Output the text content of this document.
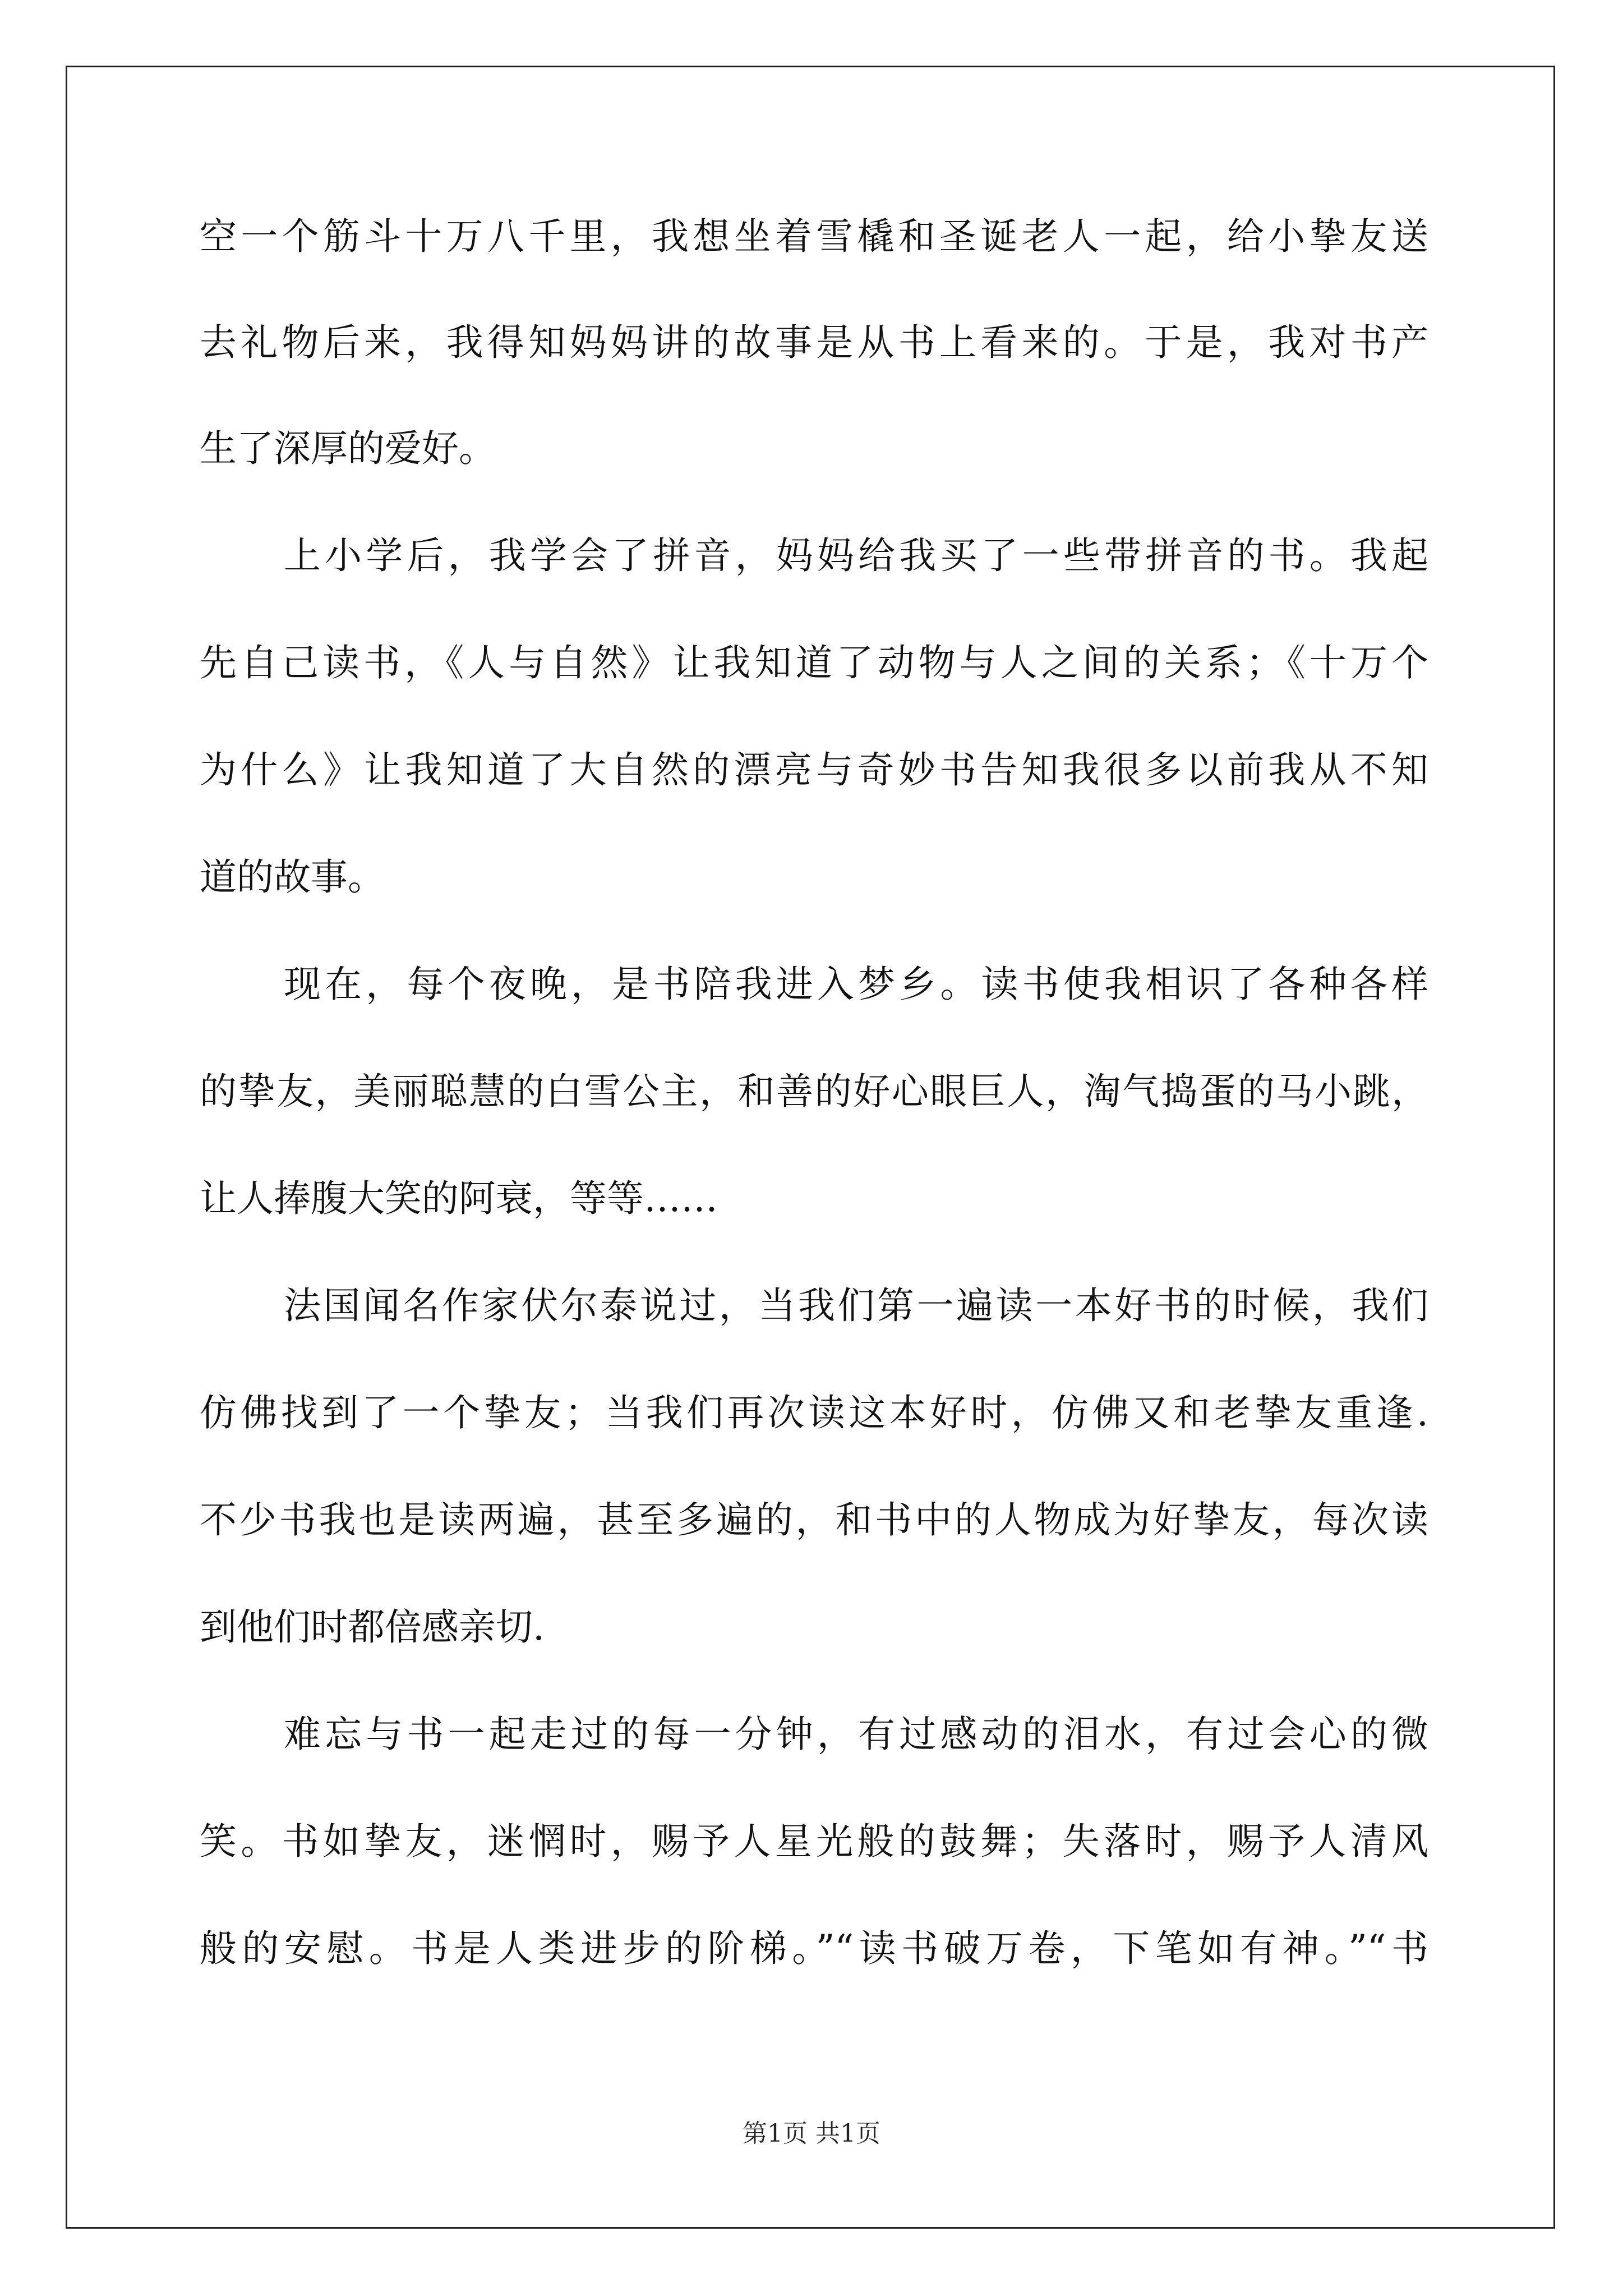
空一个筋斗十万八千里，我想坐着雪橇和圣诞老人一起，给小挚友送
去礼物后来，我得知妈妈讲的故事是从书上看来的。于是，我对书产
生了深厚的爱好。
上小学后，我学会了拼音，妈妈给我买了一些带拼音的书。我起
先自己读书，《人与自然》让我知道了动物与人之间的关系；《十万个
为什么》让我知道了大自然的漂亮与奇妙书告知我很多以前我从不知
道的故事。
现在，每个夜晚，是书陪我进入梦乡。读书使我相识了各种各样
的挚友，美丽聪慧的白雪公主，和善的好心眼巨人，淘气捣蛋的马小跳，
让人捧腹大笑的阿衰，等等……
法国闻名作家伏尔泰说过，当我们第一遍读一本好书的时候，我们
仿佛找到了一个挚友；当我们再次读这本好时，仿佛又和老挚友重逢.
不少书我也是读两遍，甚至多遍的，和书中的人物成为好挚友，每次读
到他们时都倍感亲切.
难忘与书一起走过的每一分钟，有过感动的泪水，有过会心的微
笑。书如挚友，迷惘时，赐予人星光般的鼓舞；失落时，赐予人清风
般的安慰。书是人类进步的阶梯。”“读书破万卷，下笔如有神。”“书
第1页 共1页
